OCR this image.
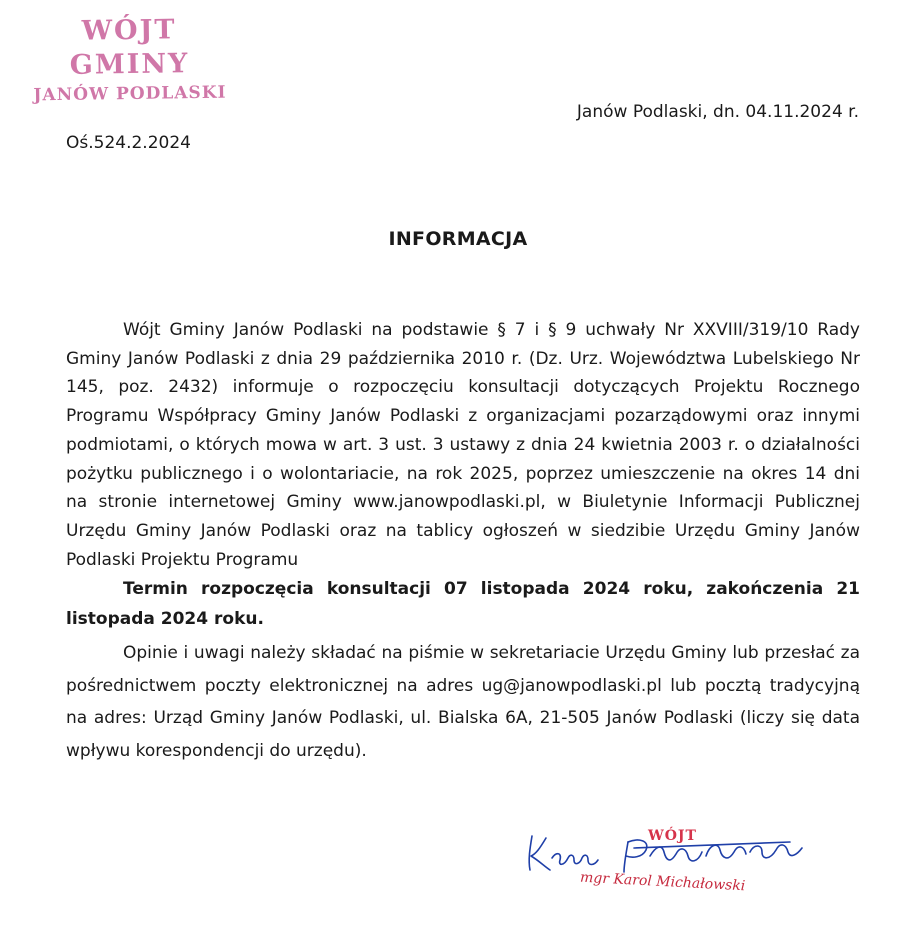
WÓJT GMINY
JANÓW PODLASKI
Janów Podlaski, dn. 04.11.2024 r.
Oś.524.2.2024
INFORMACJA

Wójt Gminy Janów Podlaski na podstawie § 7 i § 9 uchwały Nr XXVIII/319/10 Rady Gminy Janów Podlaski z dnia 29 października 2010 r. (Dz. Urz. Województwa Lubelskiego Nr 145, poz. 2432) informuje o rozpoczęciu konsultacji dotyczących Projektu Rocznego Programu Współpracy Gminy Janów Podlaski z organizacjami pozarządowymi oraz innymi podmiotami, o których mowa w art. 3 ust. 3 ustawy z dnia 24 kwietnia 2003 r. o działalności pożytku publicznego i o wolontariacie, na rok 2025, poprzez umieszczenie na okres 14 dni na stronie internetowej Gminy www.janowpodlaski.pl, w Biuletynie Informacji Publicznej Urzędu Gminy Janów Podlaski oraz na tablicy ogłoszeń w siedzibie Urzędu Gminy Janów Podlaski Projektu Programu

Termin rozpoczęcia konsultacji 07 listopada 2024 roku, zakończenia 21 listopada 2024 roku.

Opinie i uwagi należy składać na piśmie w sekretariacie Urzędu Gminy lub przesłać za pośrednictwem poczty elektronicznej na adres ug@janowpodlaski.pl lub pocztą tradycyjną na adres: Urząd Gminy Janów Podlaski, ul. Bialska 6A, 21-505 Janów Podlaski (liczy się data wpływu korespondencji do urzędu).

WÓJT
mgr Karol Michałowski
